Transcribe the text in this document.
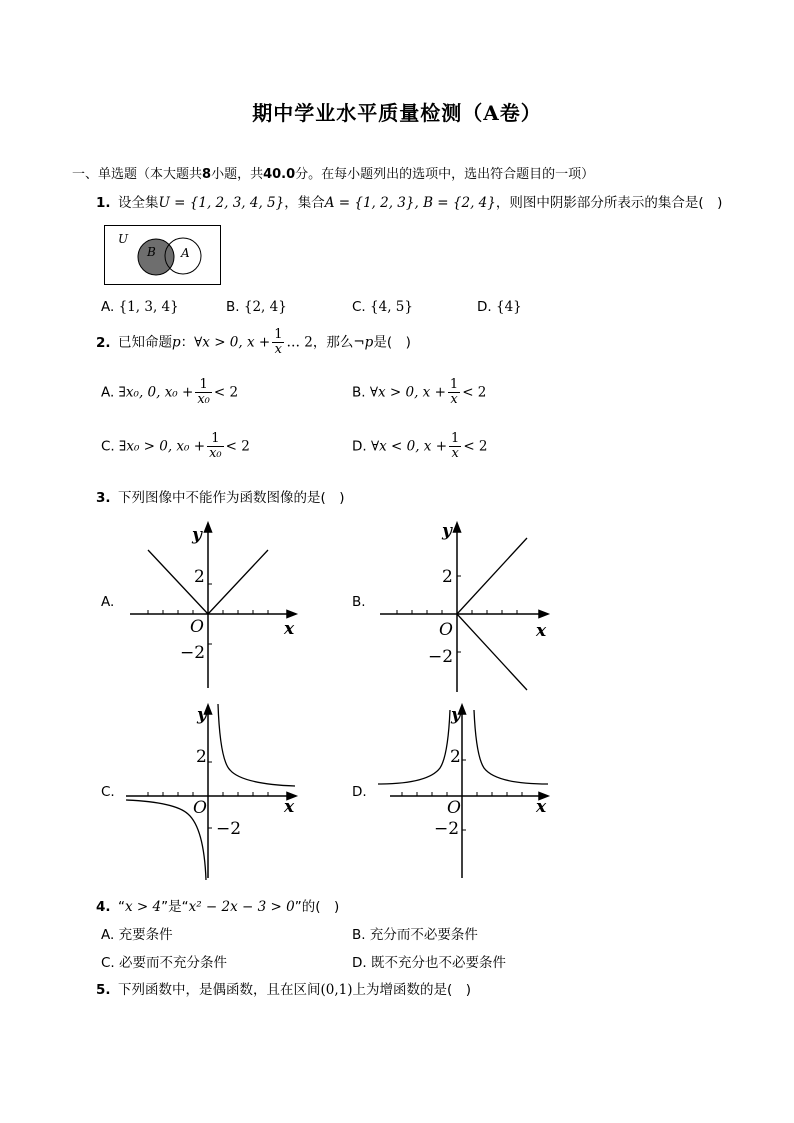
期中学业水平质量检测（A卷）
一、单选题（本大题共8小题，共40.0分。在每小题列出的选项中，选出符合题目的一项）
1. 设全集U = {1, 2, 3, 4, 5}，集合A = {1, 2, 3}, B = {2, 4}，则图中阴影部分所表示的集合是(　)
U
B A
A. {1, 3, 4}	B. {2, 4}	C. {4, 5}	D. {4}
2. 已知命题p：∀x > 0, $x + \frac{1}{x}$ … 2，那么¬p是(　)
A. ∃x₀, 0, $x_0 + \frac{1}{\text{x₀}} < 2$	B. ∀x > 0, $x + \frac{1}{x} < 2$
C. ∃x₀ > 0, $x_0 + \frac{1}{\text{x₀}} < 2$	D. ∀x < 0, $x + \frac{1}{x} < 2$
3. 下列图像中不能作为函数图像的是(　)
A.	B.
C.	D.
y
2
O	x
−2
y
2
O	x
−2
y
2
O	x
−2
y
2
O	x
−2
4. “x > 4”是“x² − 2x − 3 > 0”的(　)
A. 充要条件	B. 充分而不必要条件
C. 必要而不充分条件	D. 既不充分也不必要条件
5. 下列函数中，是偶函数，且在区间(0,1)上为增函数的是(　)
